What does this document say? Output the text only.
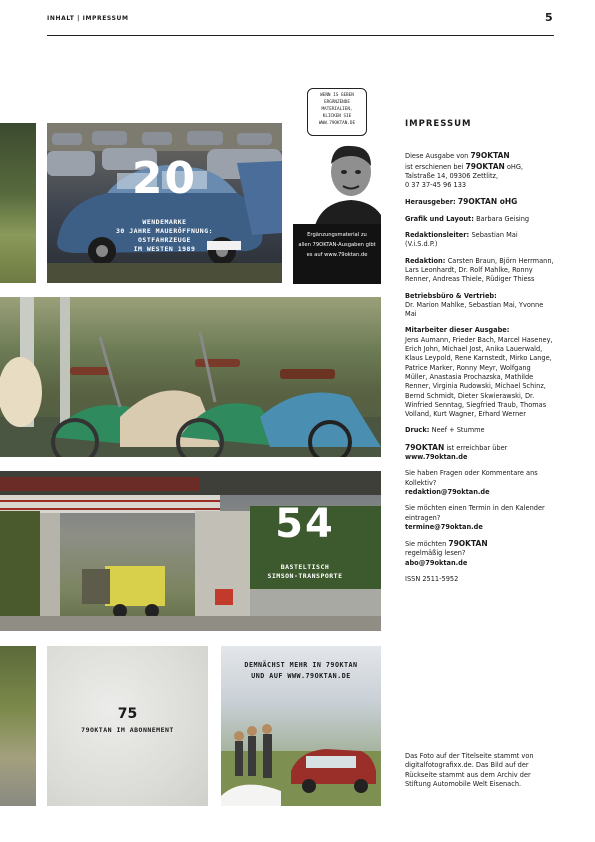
INHALT | IMPRESSUM	5
20
WENDEMARKE
30 JAHRE MAUERÖFFNUNG:
OSTFAHRZEUGE
IM WESTEN 1989
WENN IS GEBEN
ERGÄNZENDE
MATERIALIEN,
KLICKEN SIE
WWW.79OKTAN.DE
Ergänzungsmaterial zu
allen 79OKTAN-Ausgaben gibt
es auf www.79oktan.de
54
BASTELTISCH
SIMSON-TRANSPORTE
75
79OKTAN IM ABONNEMENT
DEMNÄCHST MEHR IN 79OKTAN
UND AUF WWW.79OKTAN.DE
IMPRESSUM

Diese Ausgabe von 79OKTAN
ist erschienen bei 79OKTAN oHG,
Talstraße 14, 09306 Zettlitz,
0 37 37-45 96 133

Herausgeber: 79OKTAN oHG

Grafik und Layout: Barbara Geising

Redaktionsleiter: Sebastian Mai
(V.i.S.d.P.)

Redaktion: Carsten Braun, Björn Herrmann, Lars Leonhardt, Dr. Rolf Mahlke, Ronny Renner, Andreas Thiele, Rüdiger Thiess

Betriebsbüro & Vertrieb:
Dr. Marion Mahlke, Sebastian Mai, Yvonne Mai

Mitarbeiter dieser Ausgabe:
Jens Aumann, Frieder Bach, Marcel Haseney, Erich John, Michael Jost, Anika Lauerwald, Klaus Leypold, Rene Karnstedt, Mirko Lange, Patrice Marker, Ronny Meyr, Wolfgang Müller, Anastasia Prochazska, Mathilde Renner, Virginia Rudowski, Michael Schinz, Bernd Schmidt, Dieter Skwierawski, Dr. Winfried Senntag, Siegfried Traub, Thomas Volland, Kurt Wagner, Erhard Werner

Druck: Neef + Stumme

79OKTAN ist erreichbar über
www.79oktan.de

Sie haben Fragen oder Kommentare ans Kollektiv?
redaktion@79oktan.de

Sie möchten einen Termin in den Kalender eintragen?
termine@79oktan.de

Sie möchten 79OKTAN
regelmäßig lesen?
abo@79oktan.de

ISSN 2511-5952

Das Foto auf der Titelseite stammt von digitalfotografixx.de. Das Bild auf der Rückseite stammt aus dem Archiv der Stiftung Automobile Welt Eisenach.
